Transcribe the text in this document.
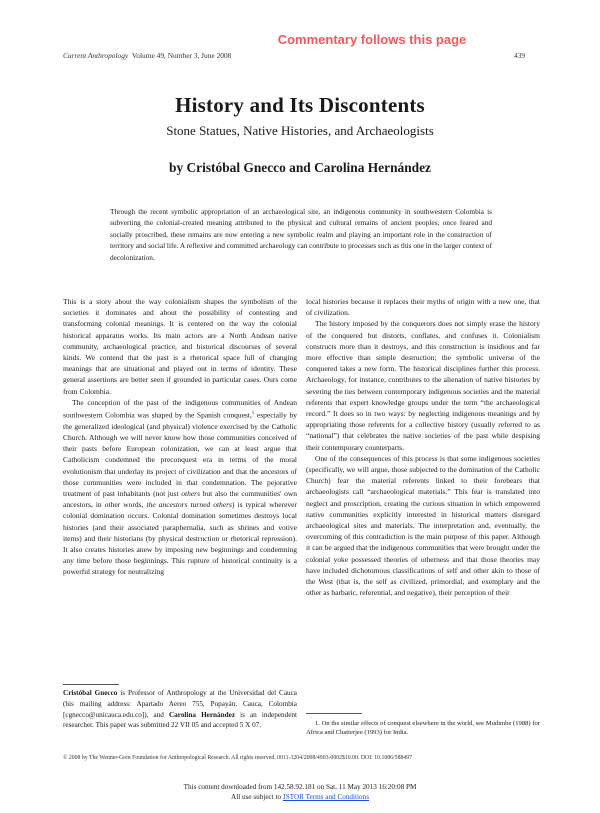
Commentary follows this page
Current Anthropology Volume 49, Number 3, June 2008	439
History and Its Discontents
Stone Statues, Native Histories, and Archaeologists
by Cristóbal Gnecco and Carolina Hernández
Through the recent symbolic appropriation of an archaeological site, an indigenous community in southwestern Colombia is subverting the colonial-created meaning attributed to the physical and cultural remains of ancient peoples; once feared and socially proscribed, these remains are now entering a new symbolic realm and playing an important role in the construction of territory and social life. A reflexive and committed archaeology can contribute to processes such as this one in the larger context of decolonization.

This is a story about the way colonialism shapes the symbolism of the societies it dominates and about the possibility of contesting and transforming colonial meanings. It is centered on the way the colonial historical apparatus works. Its main actors are a North Andean native community, archaeological practice, and historical discourses of several kinds. We contend that the past is a rhetorical space full of changing meanings that are situational and played out in terms of identity. These general assertions are better seen if grounded in particular cases. Ours come from Colombia.

The conception of the past of the indigenous communities of Andean southwestern Colombia was shaped by the Spanish conquest,$^1$ especially by the generalized ideological (and physical) violence exercised by the Catholic Church. Although we will never know how those communities conceived of their pasts before European colonization, we can at least argue that Catholicism condemned the preconquest era in terms of the moral evolutionism that underlay its project of civilization and that the ancestors of those communities were included in that condemnation. The pejorative treatment of past inhabitants (not just others but also the communities' own ancestors, in other words, the ancestors turned others) is typical wherever colonial domination occurs. Colonial domination sometimes destroys local histories (and their associated paraphernalia, such as shrines and votive items) and their historians (by physical destruction or rhetorical repression). It also creates histories anew by imposing new beginnings and condemning any time before those beginnings. This rupture of historical continuity is a powerful strategy for neutralizing

local histories because it replaces their myths of origin with a new one, that of civilization.

The history imposed by the conquerors does not simply erase the history of the conquered but distorts, conflates, and confuses it. Colonialism constructs more than it destroys, and this construction is insidious and far more effective than simple destruction; the symbolic universe of the conquered takes a new form. The historical disciplines further this process. Archaeology, for instance, contributes to the alienation of native histories by severing the ties between contemporary indigenous societies and the material referents that expert knowledge groups under the term “the archaeological record.” It does so in two ways: by neglecting indigenous meanings and by appropriating those referents for a collective history (usually referred to as “national”) that celebrates the native societies of the past while despising their contemporary counterparts.

One of the consequences of this process is that some indigenous societies (specifically, we will argue, those subjected to the domination of the Catholic Church) fear the material referents linked to their forebears that archaeologists call “archaeological materials.” This fear is translated into neglect and proscription, creating the curious situation in which empowered native communities explicitly interested in historical matters disregard archaeological sites and materials. The interpretation and, eventually, the overcoming of this contradiction is the main purpose of this paper. Although it can be argued that the indigenous communities that were brought under the colonial yoke possessed theories of otherness and that those theories may have included dichotomous classifications of self and other akin to those of the West (that is, the self as civilized, primordial, and exemplary and the other as barbaric, referential, and negative), their perception of their

Cristóbal Gnecco is Professor of Anthropology at the Universidad del Cauca (his mailing address: Apartado Aereo 755, Popayán, Cauca, Colombia [cgnecco@unicauca.edu.co]), and Carolina Hernández is an independent researcher. This paper was submitted 22 VII 05 and accepted 5 X 07.	1. On the similar effects of conquest elsewhere in the world, see Mudimbe (1988) for Africa and Chatterjee (1993) for India.
© 2008 by The Wenner-Gren Foundation for Anthropological Research. All rights reserved. 0011-3204/2008/4903-0002$10.00. DOI: 10.1086/588497
This content downloaded from 142.58.92.181 on Sat, 11 May 2013 16:20:08 PM
All use subject to JSTOR Terms and Conditions
